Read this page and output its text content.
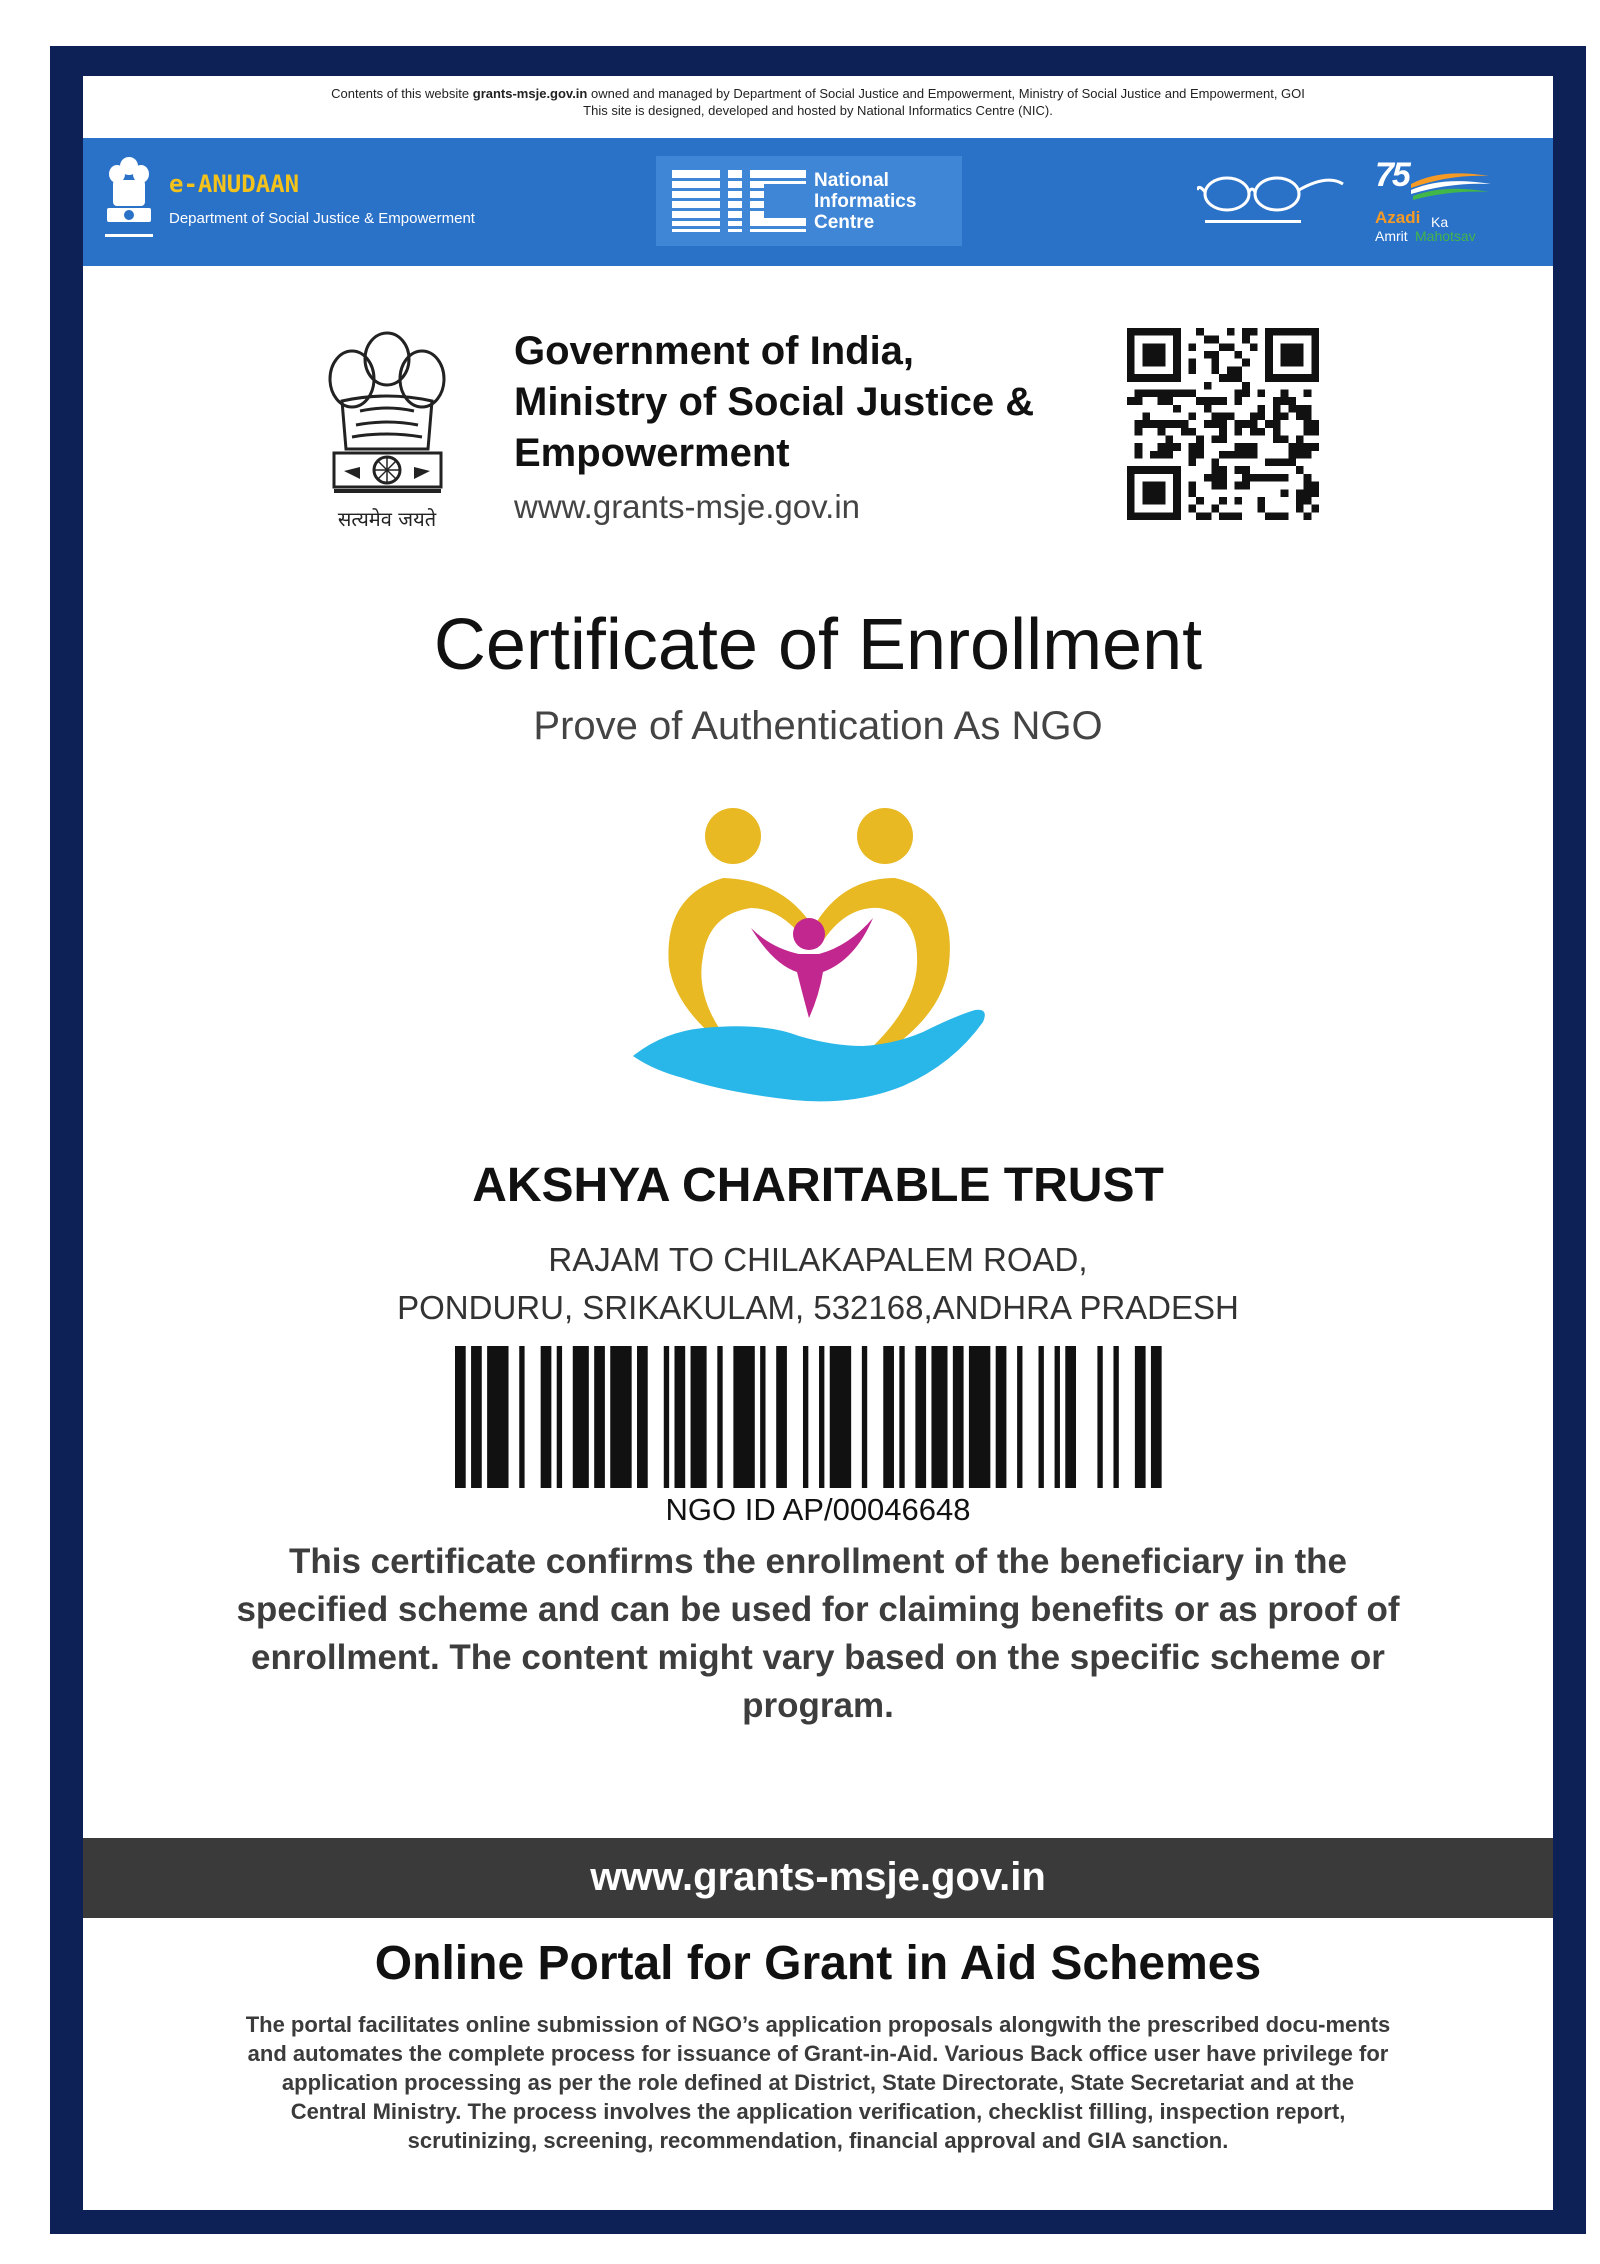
Contents of this website grants-msje.gov.in owned and managed by Department of Social Justice and Empowerment, Ministry of Social Justice and Empowerment, GOI
This site is designed, developed and hosted by National Informatics Centre (NIC).
e-ANUDAAN
Department of Social Justice & Empowerment
National
Informatics
Centre
75
Azadi Ka
Amrit Mahotsav
सत्यमेव जयते
Government of India,
Ministry of Social Justice &
Empowerment
www.grants-msje.gov.in
Certificate of Enrollment
Prove of Authentication As NGO
AKSHYA CHARITABLE TRUST
RAJAM TO CHILAKAPALEM ROAD,
PONDURU, SRIKAKULAM, 532168,ANDHRA PRADESH
NGO ID AP/00046648
This certificate confirms the enrollment of the beneficiary in the specified scheme and can be used for claiming benefits or as proof of enrollment. The content might vary based on the specific scheme or program.
www.grants-msje.gov.in
Online Portal for Grant in Aid Schemes
The portal facilitates online submission of NGO’s application proposals alongwith the prescribed docu-ments and automates the complete process for issuance of Grant-in-Aid. Various Back office user have privilege for application processing as per the role defined at District, State Directorate, State Secretariat and at the Central Ministry. The process involves the application verification, checklist filling, inspection report, scrutinizing, screening, recommendation, financial approval and GIA sanction.
